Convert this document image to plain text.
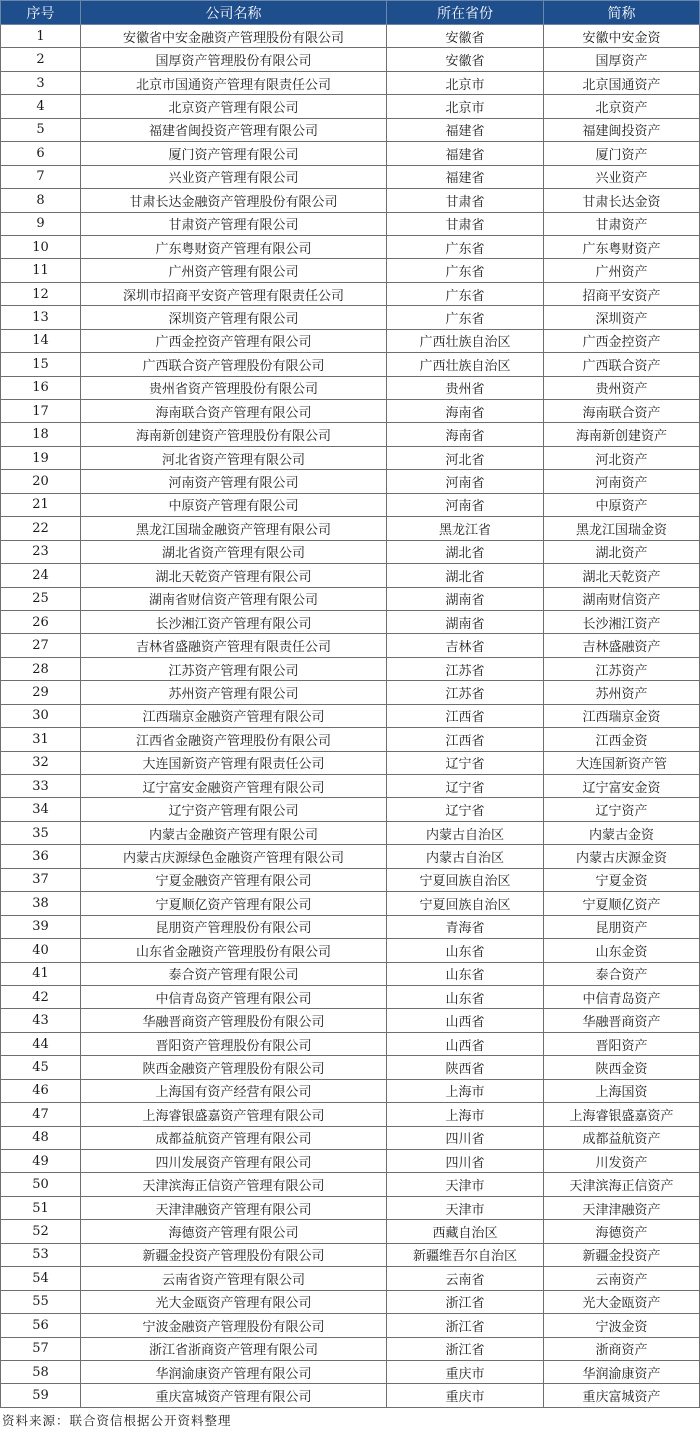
序号	公司名称	所在省份	简称
1	安徽省中安金融资产管理股份有限公司	安徽省	安徽中安金资
2	国厚资产管理股份有限公司	安徽省	国厚资产
3	北京市国通资产管理有限责任公司	北京市	北京国通资产
4	北京资产管理有限公司	北京市	北京资产
5	福建省闽投资产管理有限公司	福建省	福建闽投资产
6	厦门资产管理有限公司	福建省	厦门资产
7	兴业资产管理有限公司	福建省	兴业资产
8	甘肃长达金融资产管理股份有限公司	甘肃省	甘肃长达金资
9	甘肃资产管理有限公司	甘肃省	甘肃资产
10	广东粤财资产管理有限公司	广东省	广东粤财资产
11	广州资产管理有限公司	广东省	广州资产
12	深圳市招商平安资产管理有限责任公司	广东省	招商平安资产
13	深圳资产管理有限公司	广东省	深圳资产
14	广西金控资产管理有限公司	广西壮族自治区	广西金控资产
15	广西联合资产管理股份有限公司	广西壮族自治区	广西联合资产
16	贵州省资产管理股份有限公司	贵州省	贵州资产
17	海南联合资产管理有限公司	海南省	海南联合资产
18	海南新创建资产管理股份有限公司	海南省	海南新创建资产
19	河北省资产管理有限公司	河北省	河北资产
20	河南资产管理有限公司	河南省	河南资产
21	中原资产管理有限公司	河南省	中原资产
22	黑龙江国瑞金融资产管理有限公司	黑龙江省	黑龙江国瑞金资
23	湖北省资产管理有限公司	湖北省	湖北资产
24	湖北天乾资产管理有限公司	湖北省	湖北天乾资产
25	湖南省财信资产管理有限公司	湖南省	湖南财信资产
26	长沙湘江资产管理有限公司	湖南省	长沙湘江资产
27	吉林省盛融资产管理有限责任公司	吉林省	吉林盛融资产
28	江苏资产管理有限公司	江苏省	江苏资产
29	苏州资产管理有限公司	江苏省	苏州资产
30	江西瑞京金融资产管理有限公司	江西省	江西瑞京金资
31	江西省金融资产管理股份有限公司	江西省	江西金资
32	大连国新资产管理有限责任公司	辽宁省	大连国新资产管
33	辽宁富安金融资产管理有限公司	辽宁省	辽宁富安金资
34	辽宁资产管理有限公司	辽宁省	辽宁资产
35	内蒙古金融资产管理有限公司	内蒙古自治区	内蒙古金资
36	内蒙古庆源绿色金融资产管理有限公司	内蒙古自治区	内蒙古庆源金资
37	宁夏金融资产管理有限公司	宁夏回族自治区	宁夏金资
38	宁夏顺亿资产管理有限公司	宁夏回族自治区	宁夏顺亿资产
39	昆朋资产管理股份有限公司	青海省	昆朋资产
40	山东省金融资产管理股份有限公司	山东省	山东金资
41	泰合资产管理有限公司	山东省	泰合资产
42	中信青岛资产管理有限公司	山东省	中信青岛资产
43	华融晋商资产管理股份有限公司	山西省	华融晋商资产
44	晋阳资产管理股份有限公司	山西省	晋阳资产
45	陕西金融资产管理股份有限公司	陕西省	陕西金资
46	上海国有资产经营有限公司	上海市	上海国资
47	上海睿银盛嘉资产管理有限公司	上海市	上海睿银盛嘉资产
48	成都益航资产管理有限公司	四川省	成都益航资产
49	四川发展资产管理有限公司	四川省	川发资产
50	天津滨海正信资产管理有限公司	天津市	天津滨海正信资产
51	天津津融资产管理有限公司	天津市	天津津融资产
52	海德资产管理有限公司	西藏自治区	海德资产
53	新疆金投资产管理股份有限公司	新疆维吾尔自治区	新疆金投资产
54	云南省资产管理有限公司	云南省	云南资产
55	光大金瓯资产管理有限公司	浙江省	光大金瓯资产
56	宁波金融资产管理股份有限公司	浙江省	宁波金资
57	浙江省浙商资产管理有限公司	浙江省	浙商资产
58	华润渝康资产管理有限公司	重庆市	华润渝康资产
59	重庆富城资产管理有限公司	重庆市	重庆富城资产
资料来源：联合资信根据公开资料整理
